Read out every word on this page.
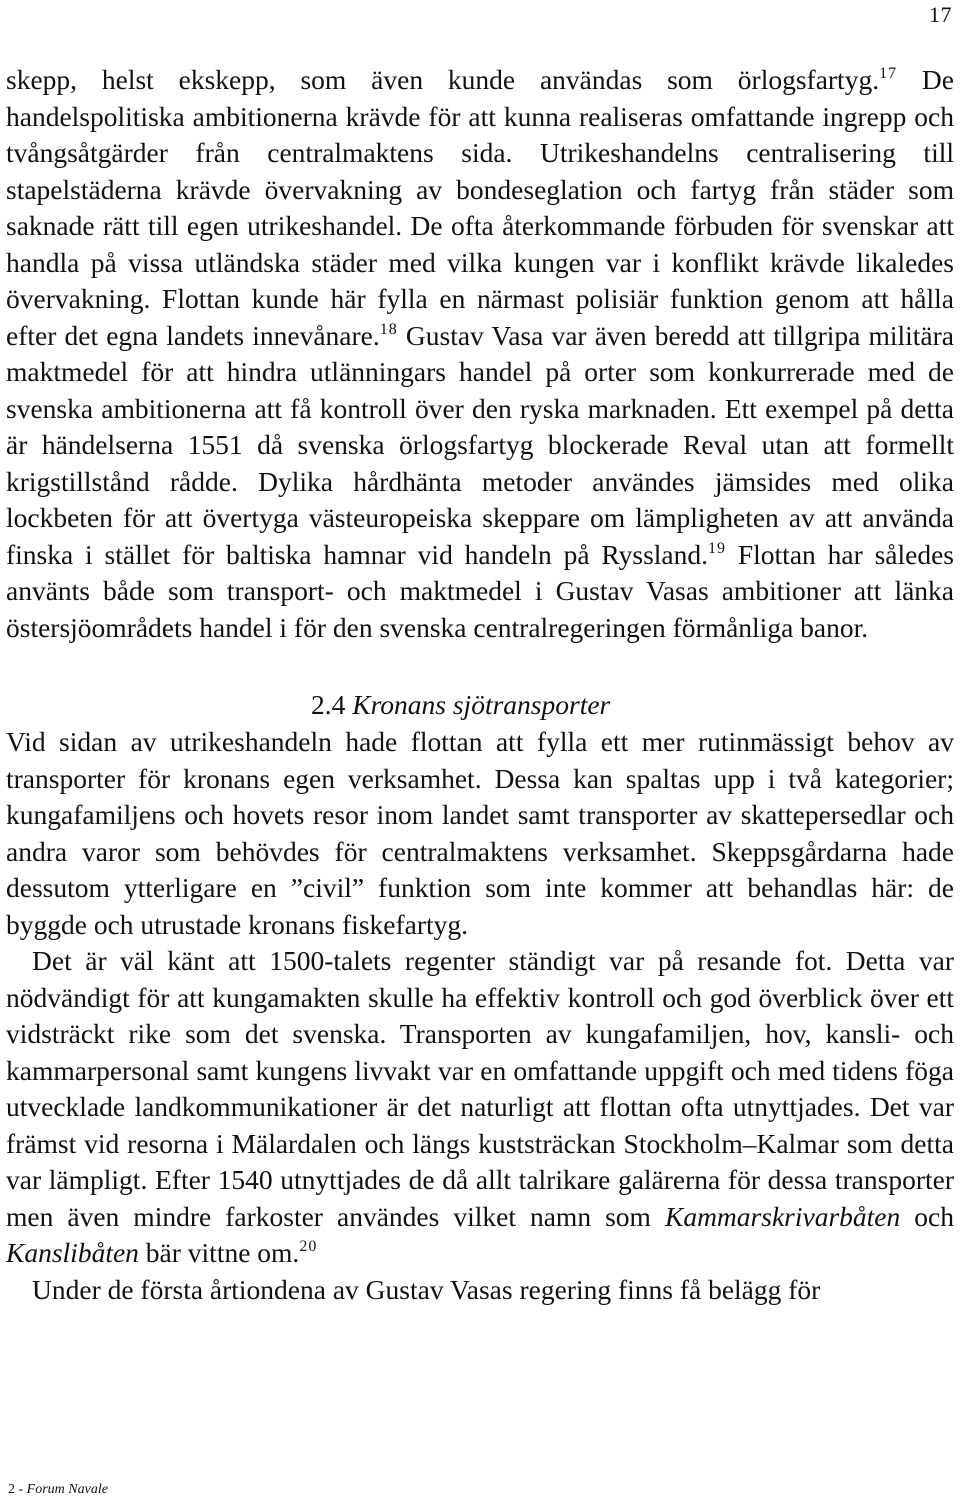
17

skepp, helst ekskepp, som även kunde användas som örlogsfartyg.$^{17}$ De handelspolitiska ambitionerna krävde för att kunna realiseras omfattande ingrepp och tvångsåtgärder från centralmaktens sida. Utrikeshandelns centralisering till stapelstäderna krävde övervakning av bondeseglation och fartyg från städer som saknade rätt till egen utrikeshandel. De ofta återkommande förbuden för svenskar att handla på vissa utländska städer med vilka kungen var i konflikt krävde likaledes övervakning. Flottan kunde här fylla en närmast polisiär funktion genom att hålla efter det egna landets innevånare.$^{18}$ Gustav Vasa var även beredd att tillgripa militära maktmedel för att hindra utlänningars handel på orter som konkurrerade med de svenska ambitionerna att få kontroll över den ryska marknaden. Ett exempel på detta är händelserna 1551 då svenska örlogsfartyg blockerade Reval utan att formellt krigstillstånd rådde. Dylika hårdhänta metoder användes jämsides med olika lockbeten för att övertyga västeuropeiska skeppare om lämpligheten av att använda finska i stället för baltiska hamnar vid handeln på Ryssland.$^{19}$ Flottan har således använts både som transport- och maktmedel i Gustav Vasas ambitioner att länka östersjöområdets handel i för den svenska centralregeringen förmånliga banor.

2.4 Kronans sjötransporter

Vid sidan av utrikeshandeln hade flottan att fylla ett mer rutinmässigt behov av transporter för kronans egen verksamhet. Dessa kan spaltas upp i två kategorier; kungafamiljens och hovets resor inom landet samt transporter av skattepersedlar och andra varor som behövdes för centralmaktens verksamhet. Skeppsgårdarna hade dessutom ytterligare en ”civil” funktion som inte kommer att behandlas här: de byggde och utrustade kronans fiskefartyg.

Det är väl känt att 1500-talets regenter ständigt var på resande fot. Detta var nödvändigt för att kungamakten skulle ha effektiv kontroll och god överblick över ett vidsträckt rike som det svenska. Transporten av kungafamiljen, hov, kansli- och kammarpersonal samt kungens livvakt var en omfattande uppgift och med tidens föga utvecklade landkommunikationer är det naturligt att flottan ofta utnyttjades. Det var främst vid resorna i Mälardalen och längs kuststräckan Stockholm–Kalmar som detta var lämpligt. Efter 1540 utnyttjades de då allt talrikare galärerna för dessa transporter men även mindre farkoster användes vilket namn som Kammarskrivarbåten och Kanslibåten bär vittne om.$^{20}$

Under de första årtiondena av Gustav Vasas regering finns få belägg för

2 - Forum Navale
